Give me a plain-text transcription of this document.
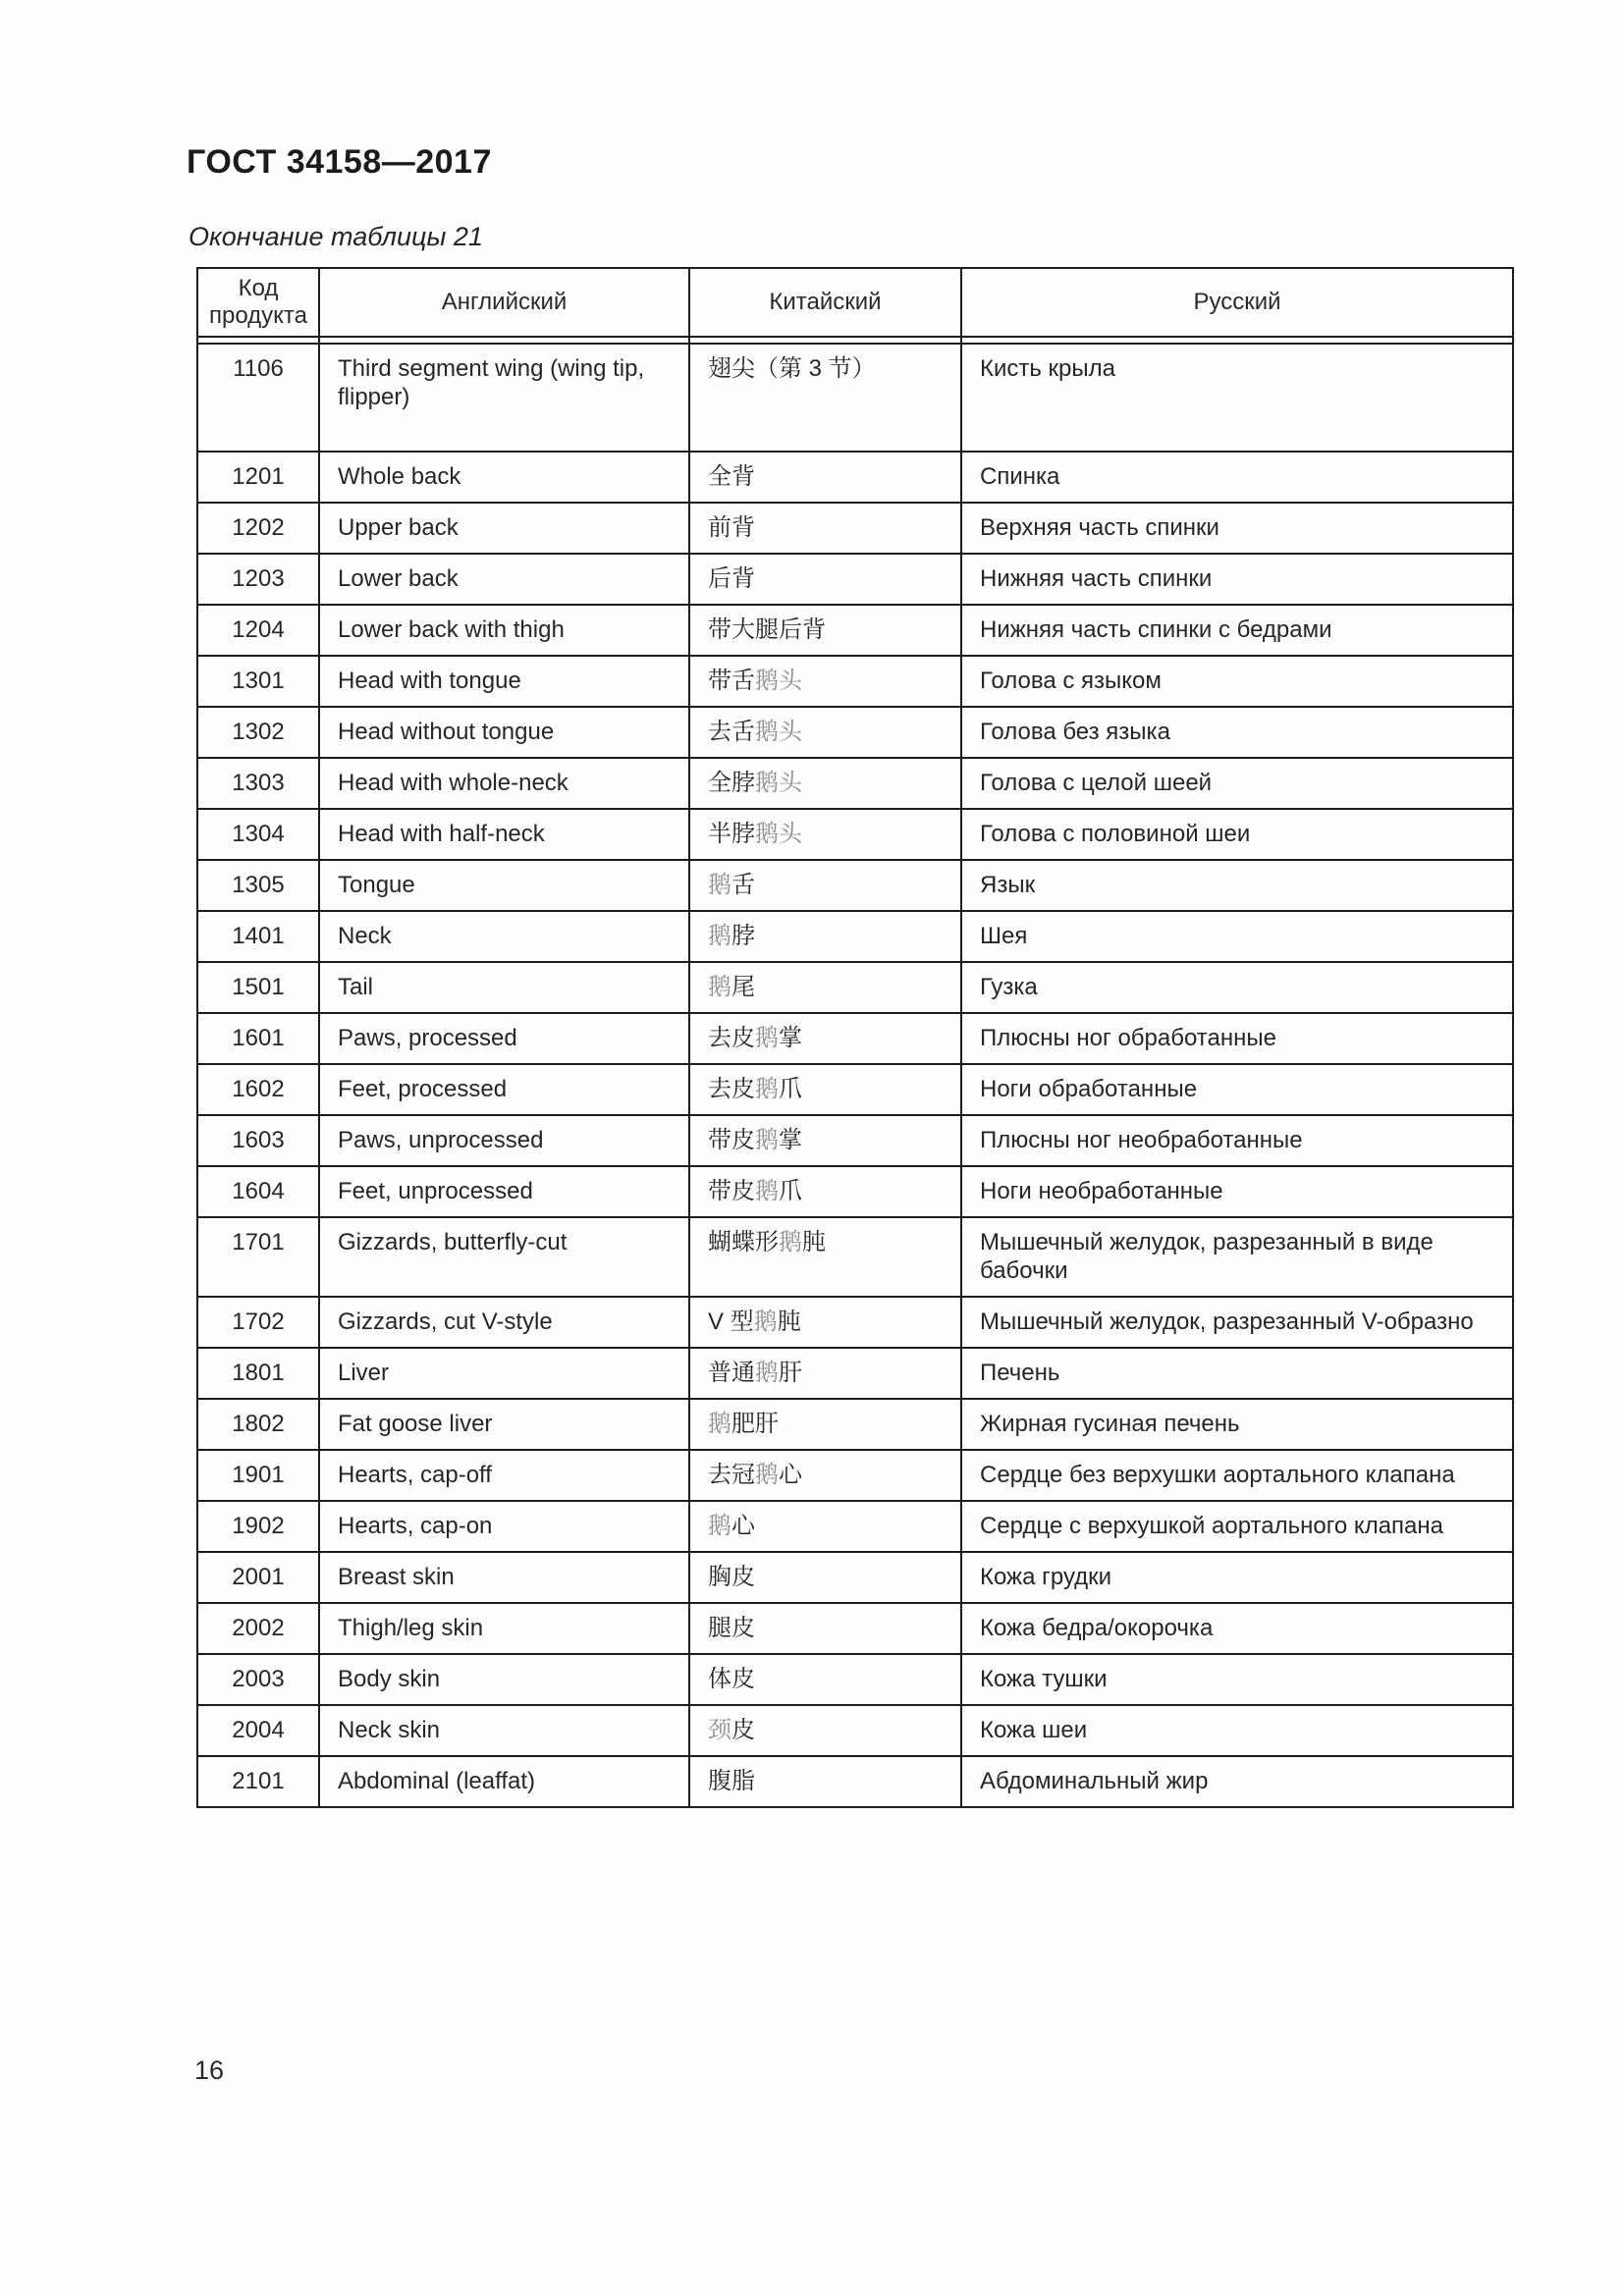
ГОСТ 34158—2017
Окончание таблицы 21
Код продукта	Английский	Китайский	Русский

1106	Third segment wing (wing tip, flipper)	翅尖（第 3 节）	Кисть крыла
1201	Whole back	全背	Спинка
1202	Upper back	前背	Верхняя часть спинки
1203	Lower back	后背	Нижняя часть спинки
1204	Lower back with thigh	带大腿后背	Нижняя часть спинки с бедрами
1301	Head with tongue	带舌鹅头	Голова с языком
1302	Head without tongue	去舌鹅头	Голова без языка
1303	Head with whole-neck	全脖鹅头	Голова с целой шеей
1304	Head with half-neck	半脖鹅头	Голова с половиной шеи
1305	Tongue	鹅舌	Язык
1401	Neck	鹅脖	Шея
1501	Tail	鹅尾	Гузка
1601	Paws, processed	去皮鹅掌	Плюсны ног обработанные
1602	Feet, processed	去皮鹅爪	Ноги обработанные
1603	Paws, unprocessed	带皮鹅掌	Плюсны ног необработанные
1604	Feet, unprocessed	带皮鹅爪	Ноги необработанные
1701	Gizzards, butterfly-cut	蝴蝶形鹅肫	Мышечный желудок, разрезанный в виде бабочки
1702	Gizzards, cut V-style	V 型鹅肫	Мышечный желудок, разрезанный V-образно
1801	Liver	普通鹅肝	Печень
1802	Fat goose liver	鹅肥肝	Жирная гусиная печень
1901	Hearts, cap-off	去冠鹅心	Сердце без верхушки аортального клапана
1902	Hearts, cap-on	鹅心	Сердце с верхушкой аортального клапана
2001	Breast skin	胸皮	Кожа грудки
2002	Thigh/leg skin	腿皮	Кожа бедра/окорочка
2003	Body skin	体皮	Кожа тушки
2004	Neck skin	颈皮	Кожа шеи
2101	Abdominal (leaffat)	腹脂	Абдоминальный жир
16
